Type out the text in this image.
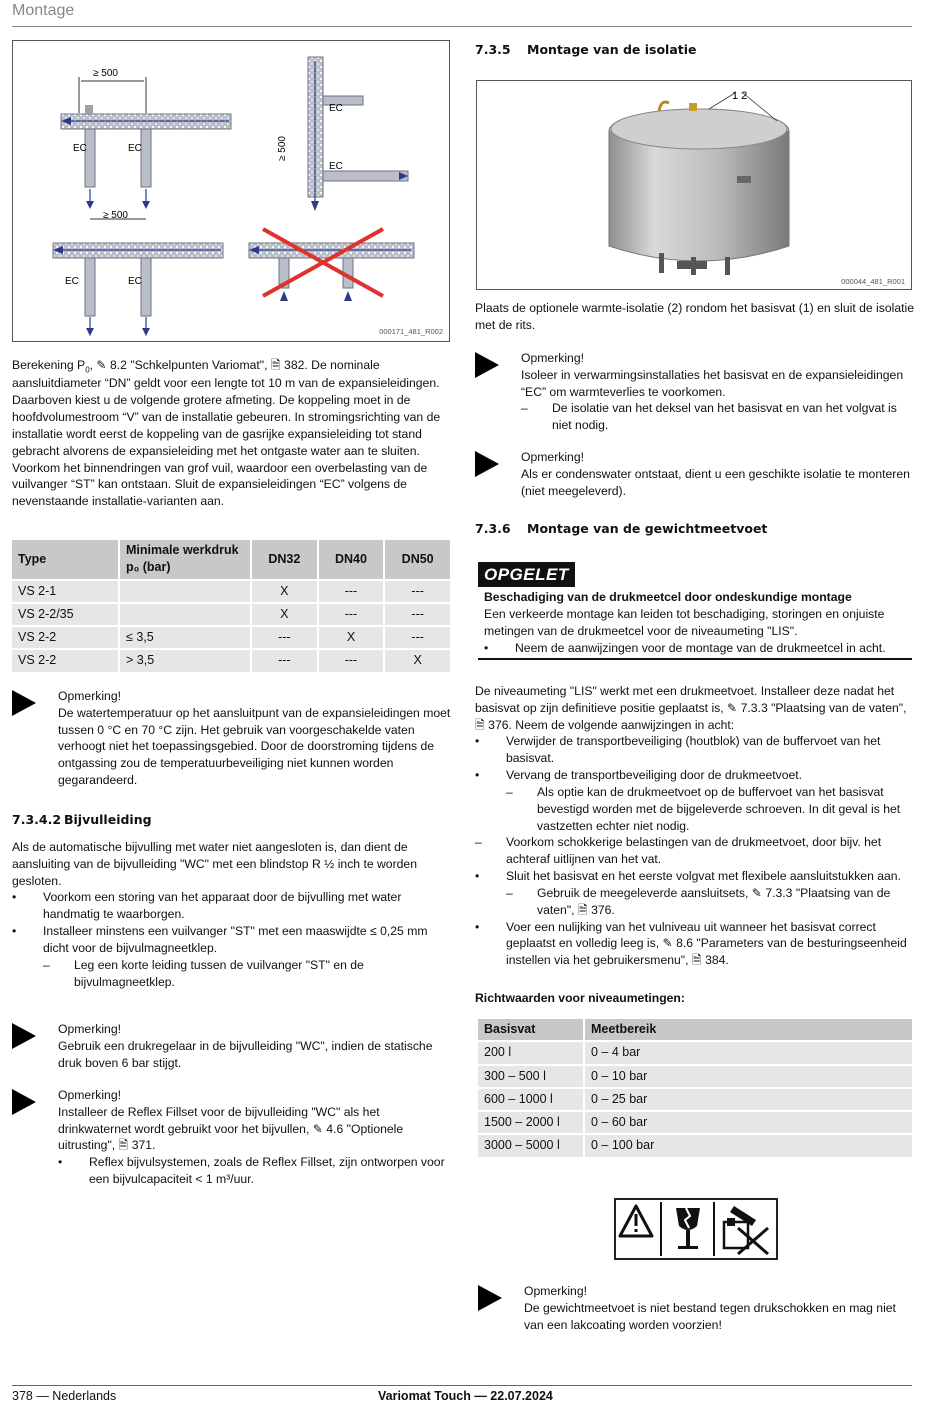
Montage
≥ 500
EC	EC
EC
EC
≥ 500
≥ 500
EC	EC
000171_481_R002
7.3.5 Montage van de isolatie
1 2
000044_481_R001

Plaats de optionele warmte-isolatie (2) rondom het basisvat (1) en sluit de isolatie met de rits.

Berekening $P_0$, ✎ 8.2 "Schkelpunten Variomat", 🗎 382. De nominale aansluitdiameter “DN” geldt voor een lengte tot 10 m van de expansieleidingen. Daarboven kiest u de volgende grotere afmeting. De koppeling moet in de hoofdvolumestroom “V” van de installatie gebeuren. In stromingsrichting van de installatie wordt eerst de koppeling van de gasrijke expansieleiding tot stand gebracht alvorens de expansieleiding met het ontgaste water aan te sluiten.

Voorkom het binnendringen van grof vuil, waardoor een overbelasting van de vuilvanger “ST” kan ontstaan. Sluit de expansieleidingen “EC” volgens de nevenstaande installatie-varianten aan.

Type	Minimale werkdruk p₀ (bar)	DN32	DN40	DN50
VS 2-1		X	---	---
VS 2-2/35		X	---	---
VS 2-2	≤ 3,5	---	X	---
VS 2-2	> 3,5	---	---	X
Opmerking!
De watertemperatuur op het aansluitpunt van de expansieleidingen moet tussen 0 °C en 70 °C zijn. Het gebruik van voorgeschakelde vaten verhoogt niet het toepassingsgebied. Door de doorstroming tijdens de ontgassing zou de temperatuurbeveiliging niet kunnen worden gegarandeerd.
7.3.4.2 Bijvulleiding

Als de automatische bijvulling met water niet aangesloten is, dan dient de aansluiting van de bijvulleiding "WC" met een blindstop R ½ inch te worden gesloten.

• Voorkom een storing van het apparaat door de bijvulling met water handmatig te waarborgen.
• Installeer minstens een vuilvanger "ST" met een maaswijdte ≤ 0,25 mm dicht voor de bijvulmagneetklep.
– Leg een korte leiding tussen de vuilvanger "ST" en de bijvulmagneetklep.
Opmerking!
Gebruik een drukregelaar in de bijvulleiding "WC", indien de statische druk boven 6 bar stijgt.
Opmerking!
Installeer de Reflex Fillset voor de bijvulleiding "WC" als het drinkwaternet wordt gebruikt voor het bijvullen, ✎ 4.6 "Optionele uitrusting", 🗎 371.
• Reflex bijvulsystemen, zoals de Reflex Fillset, zijn ontworpen voor een bijvulcapaciteit < 1 m³/uur.
Opmerking!
Isoleer in verwarmingsinstallaties het basisvat en de expansieleidingen “EC” om warmteverlies te voorkomen.
– De isolatie van het deksel van het basisvat en van het volgvat is niet nodig.
Opmerking!
Als er condenswater ontstaat, dient u een geschikte isolatie te monteren (niet meegeleverd).
7.3.6 Montage van de gewichtmeetvoet
OPGELET
Beschadiging van de drukmeetcel door ondeskundige montage
Een verkeerde montage kan leiden tot beschadiging, storingen en onjuiste metingen van de drukmeetcel voor de niveaumeting "LIS".
• Neem de aanwijzingen voor de montage van de drukmeetcel in acht.

De niveaumeting "LIS" werkt met een drukmeetvoet. Installeer deze nadat het basisvat op zijn definitieve positie geplaatst is, ✎ 7.3.3 "Plaatsing van de vaten", 🗎 376. Neem de volgende aanwijzingen in acht:

• Verwijder de transportbeveiliging (houtblok) van de buffervoet van het basisvat.
• Vervang de transportbeveiliging door de drukmeetvoet.
– Als optie kan de drukmeetvoet op de buffervoet van het basisvat bevestigd worden met de bijgeleverde schroeven. In dit geval is het vastzetten echter niet nodig.
– Voorkom schokkerige belastingen van de drukmeetvoet, door bijv. het achteraf uitlijnen van het vat.
• Sluit het basisvat en het eerste volgvat met flexibele aansluitstukken aan.
– Gebruik de meegeleverde aansluitsets, ✎ 7.3.3 "Plaatsing van de vaten", 🗎 376.
• Voer een nulijking van het vulniveau uit wanneer het basisvat correct geplaatst en volledig leeg is, ✎ 8.6 "Parameters van de besturingseenheid instellen via het gebruikersmenu", 🗎 384.
Richtwaarden voor niveaumetingen:
Basisvat	Meetbereik
200 l	0 – 4 bar
300 – 500 l	0 – 10 bar
600 – 1000 l	0 – 25 bar
1500 – 2000 l	0 – 60 bar
3000 – 5000 l	0 – 100 bar
Opmerking!
De gewichtmeetvoet is niet bestand tegen drukschokken en mag niet van een lakcoating worden voorzien!
378 — Nederlands	Variomat Touch — 22.07.2024
